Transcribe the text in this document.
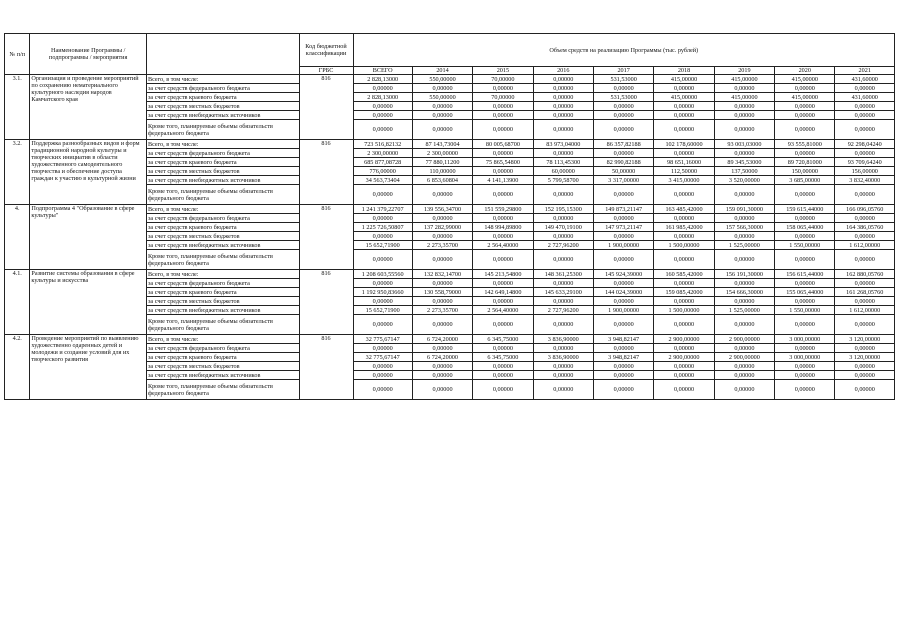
№ п/п	Наименование Программы / подпрограммы / мероприятия		Код бюджетной классификации	Объем средств на реализацию Программы (тыс. рублей)								
			ГРБС	ВСЕГО	2014	2015	2016	2017	2018	2019	2020	2021
3.1.	Организация и проведение мероприятий по сохранению нематериального культурного наследия народов Камчатского края	Всего, в том числе:	816	2 828,13000	550,00000	70,00000	0,00000	531,53000	415,00000	415,00000	415,00000	431,60000
		за счет средств федерального бюджета		0,00000	0,00000	0,00000	0,00000	0,00000	0,00000	0,00000	0,00000	0,00000
		за счет средств краевого бюджета		2 828,13000	550,00000	70,00000	0,00000	531,53000	415,00000	415,00000	415,00000	431,60000
		за счет средств местных бюджетов		0,00000	0,00000	0,00000	0,00000	0,00000	0,00000	0,00000	0,00000	0,00000
		за счет средств внебюджетных источников		0,00000	0,00000	0,00000	0,00000	0,00000	0,00000	0,00000	0,00000	0,00000
		Кроме того, планируемые объемы обязательств федерального бюджета		0,00000	0,00000	0,00000	0,00000	0,00000	0,00000	0,00000	0,00000	0,00000
3.2.	Поддержка разнообразных видов и форм традиционной народной культуры и творческих инициатив в области художественного самодеятельного творчества и обеспечение доступа граждан к участию в культурной жизни	Всего, в том числе:	816	723 516,82132	87 143,73004	80 005,68700	83 973,04000	86 357,82188	102 178,60000	93 003,03000	93 555,81000	92 298,04240
		за счет средств федерального бюджета		2 300,00000	2 300,00000	0,00000	0,00000	0,00000	0,00000	0,00000	0,00000	0,00000
		за счет средств краевого бюджета		685 877,08728	77 880,11200	75 865,54800	78 113,45300	82 990,82188	98 651,16000	89 345,53000	89 720,81000	93 709,64240
		за счет средств местных бюджетов		776,00000	110,00000	0,00000	60,00000	50,00000	112,50000	137,50000	150,00000	156,00000
		за счет средств внебюджетных источников		34 563,73404	6 853,60804	4 141,13900	5 799,58700	3 317,00000	3 415,00000	3 520,00000	3 685,00000	3 832,40000
		Кроме того, планируемые объемы обязательств федерального бюджета		0,00000	0,00000	0,00000	0,00000	0,00000	0,00000	0,00000	0,00000	0,00000
4.	Подпрограмма 4 "Образование в сфере культуры"	Всего, в том числе:	816	1 241 379,22707	139 556,34700	151 559,29800	152 195,15300	149 873,21147	163 485,42000	159 091,30000	159 615,44000	166 096,05760
		за счет средств федерального бюджета		0,00000	0,00000	0,00000	0,00000	0,00000	0,00000	0,00000	0,00000	0,00000
		за счет средств краевого бюджета		1 225 726,50807	137 282,99000	148 994,89800	149 470,19100	147 973,21147	161 985,42000	157 566,30000	158 065,44000	164 386,05760
		за счет средств местных бюджетов		0,00000	0,00000	0,00000	0,00000	0,00000	0,00000	0,00000	0,00000	0,00000
		за счет средств внебюджетных источников		15 652,71900	2 273,35700	2 564,40000	2 727,96200	1 900,00000	1 500,00000	1 525,00000	1 550,00000	1 612,00000
		Кроме того, планируемые объемы обязательств федерального бюджета		0,00000	0,00000	0,00000	0,00000	0,00000	0,00000	0,00000	0,00000	0,00000
4.1.	Развитие системы образования в сфере культуры и искусства	Всего, в том числе:	816	1 208 603,55560	132 832,14700	145 213,54800	148 361,25300	145 924,39000	160 585,42000	156 191,30000	156 615,44000	162 880,05760
		за счет средств федерального бюджета		0,00000	0,00000	0,00000	0,00000	0,00000	0,00000	0,00000	0,00000	0,00000
		за счет средств краевого бюджета		1 192 950,83660	130 558,79000	142 649,14800	145 633,29100	144 024,39000	159 085,42000	154 666,30000	155 065,44000	161 268,05760
		за счет средств местных бюджетов		0,00000	0,00000	0,00000	0,00000	0,00000	0,00000	0,00000	0,00000	0,00000
		за счет средств внебюджетных источников		15 652,71900	2 273,35700	2 564,40000	2 727,96200	1 900,00000	1 500,00000	1 525,00000	1 550,00000	1 612,00000
		Кроме того, планируемые объемы обязательств федерального бюджета		0,00000	0,00000	0,00000	0,00000	0,00000	0,00000	0,00000	0,00000	0,00000
4.2.	Проведение мероприятий по выявлению художественно одаренных детей и молодежи и создание условий для их творческого развития	Всего, в том числе:	816	32 775,67147	6 724,20000	6 345,75000	3 836,90000	3 948,82147	2 900,00000	2 900,00000	3 000,00000	3 120,00000
		за счет средств федерального бюджета		0,00000	0,00000	0,00000	0,00000	0,00000	0,00000	0,00000	0,00000	0,00000
		за счет средств краевого бюджета		32 775,67147	6 724,20000	6 345,75000	3 836,90000	3 948,82147	2 900,00000	2 900,00000	3 000,00000	3 120,00000
		за счет средств местных бюджетов		0,00000	0,00000	0,00000	0,00000	0,00000	0,00000	0,00000	0,00000	0,00000
		за счет средств внебюджетных источников		0,00000	0,00000	0,00000	0,00000	0,00000	0,00000	0,00000	0,00000	0,00000
		Кроме того, планируемые объемы обязательств федерального бюджета		0,00000	0,00000	0,00000	0,00000	0,00000	0,00000	0,00000	0,00000	0,00000
